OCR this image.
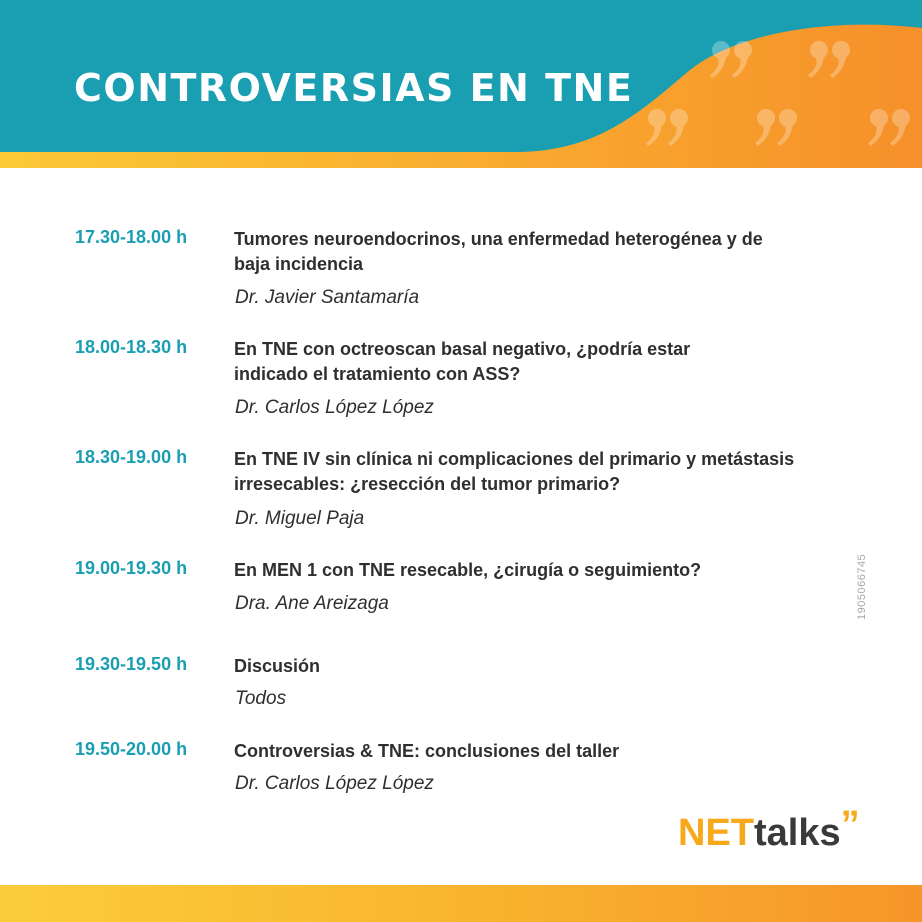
CONTROVERSIAS EN TNE
17.30-18.00 h	Tumores neuroendocrinos, una enfermedad heterogénea y de baja incidencia
Dr. Javier Santamaría
18.00-18.30 h	En TNE con octreoscan basal negativo, ¿podría estar indicado el tratamiento con ASS?
Dr. Carlos López López
18.30-19.00 h	En TNE IV sin clínica ni complicaciones del primario y metástasis irresecables: ¿resección del tumor primario?
Dr. Miguel Paja
19.00-19.30 h	En MEN 1 con TNE resecable, ¿cirugía o seguimiento?
Dra. Ane Areizaga
19.30-19.50 h	Discusión
Todos
19.50-20.00 h	Controversias & TNE: conclusiones del taller
Dr. Carlos López López
1905066745
NETtalks”
